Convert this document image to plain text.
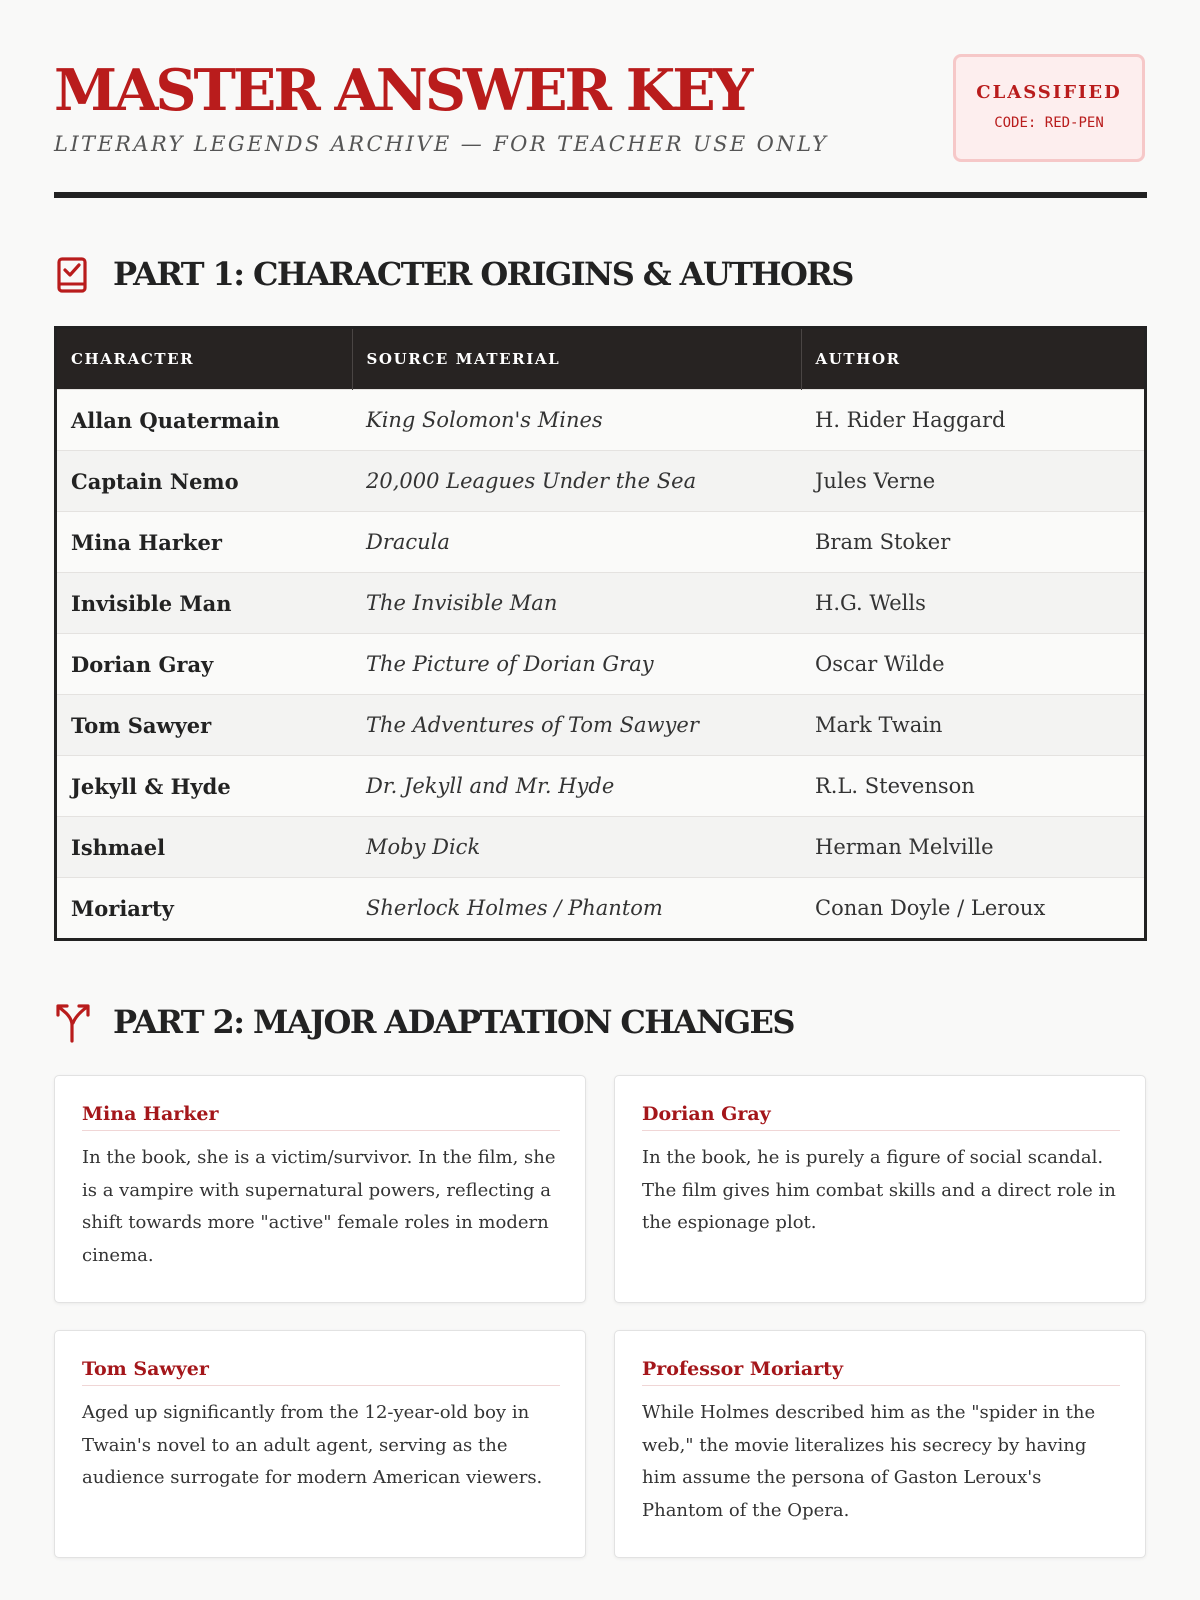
MASTER ANSWER KEY
LITERARY LEGENDS ARCHIVE — FOR TEACHER USE ONLY
CLASSIFIED
CODE: RED-PEN
PART 1: CHARACTER ORIGINS & AUTHORS
CHARACTER	SOURCE MATERIAL	AUTHOR
Allan Quatermain	King Solomon's Mines	H. Rider Haggard
Captain Nemo	20,000 Leagues Under the Sea	Jules Verne
Mina Harker	Dracula	Bram Stoker
Invisible Man	The Invisible Man	H.G. Wells
Dorian Gray	The Picture of Dorian Gray	Oscar Wilde
Tom Sawyer	The Adventures of Tom Sawyer	Mark Twain
Jekyll & Hyde	Dr. Jekyll and Mr. Hyde	R.L. Stevenson
Ishmael	Moby Dick	Herman Melville
Moriarty	Sherlock Holmes / Phantom	Conan Doyle / Leroux
PART 2: MAJOR ADAPTATION CHANGES
Mina Harker
In the book, she is a victim/survivor. In the film, she is a vampire with supernatural powers, reflecting a shift towards more "active" female roles in modern cinema.
Dorian Gray
In the book, he is purely a figure of social scandal. The film gives him combat skills and a direct role in the espionage plot.
Tom Sawyer
Aged up significantly from the 12-year-old boy in Twain's novel to an adult agent, serving as the audience surrogate for modern American viewers.
Professor Moriarty
While Holmes described him as the "spider in the web," the movie literalizes his secrecy by having him assume the persona of Gaston Leroux's Phantom of the Opera.
